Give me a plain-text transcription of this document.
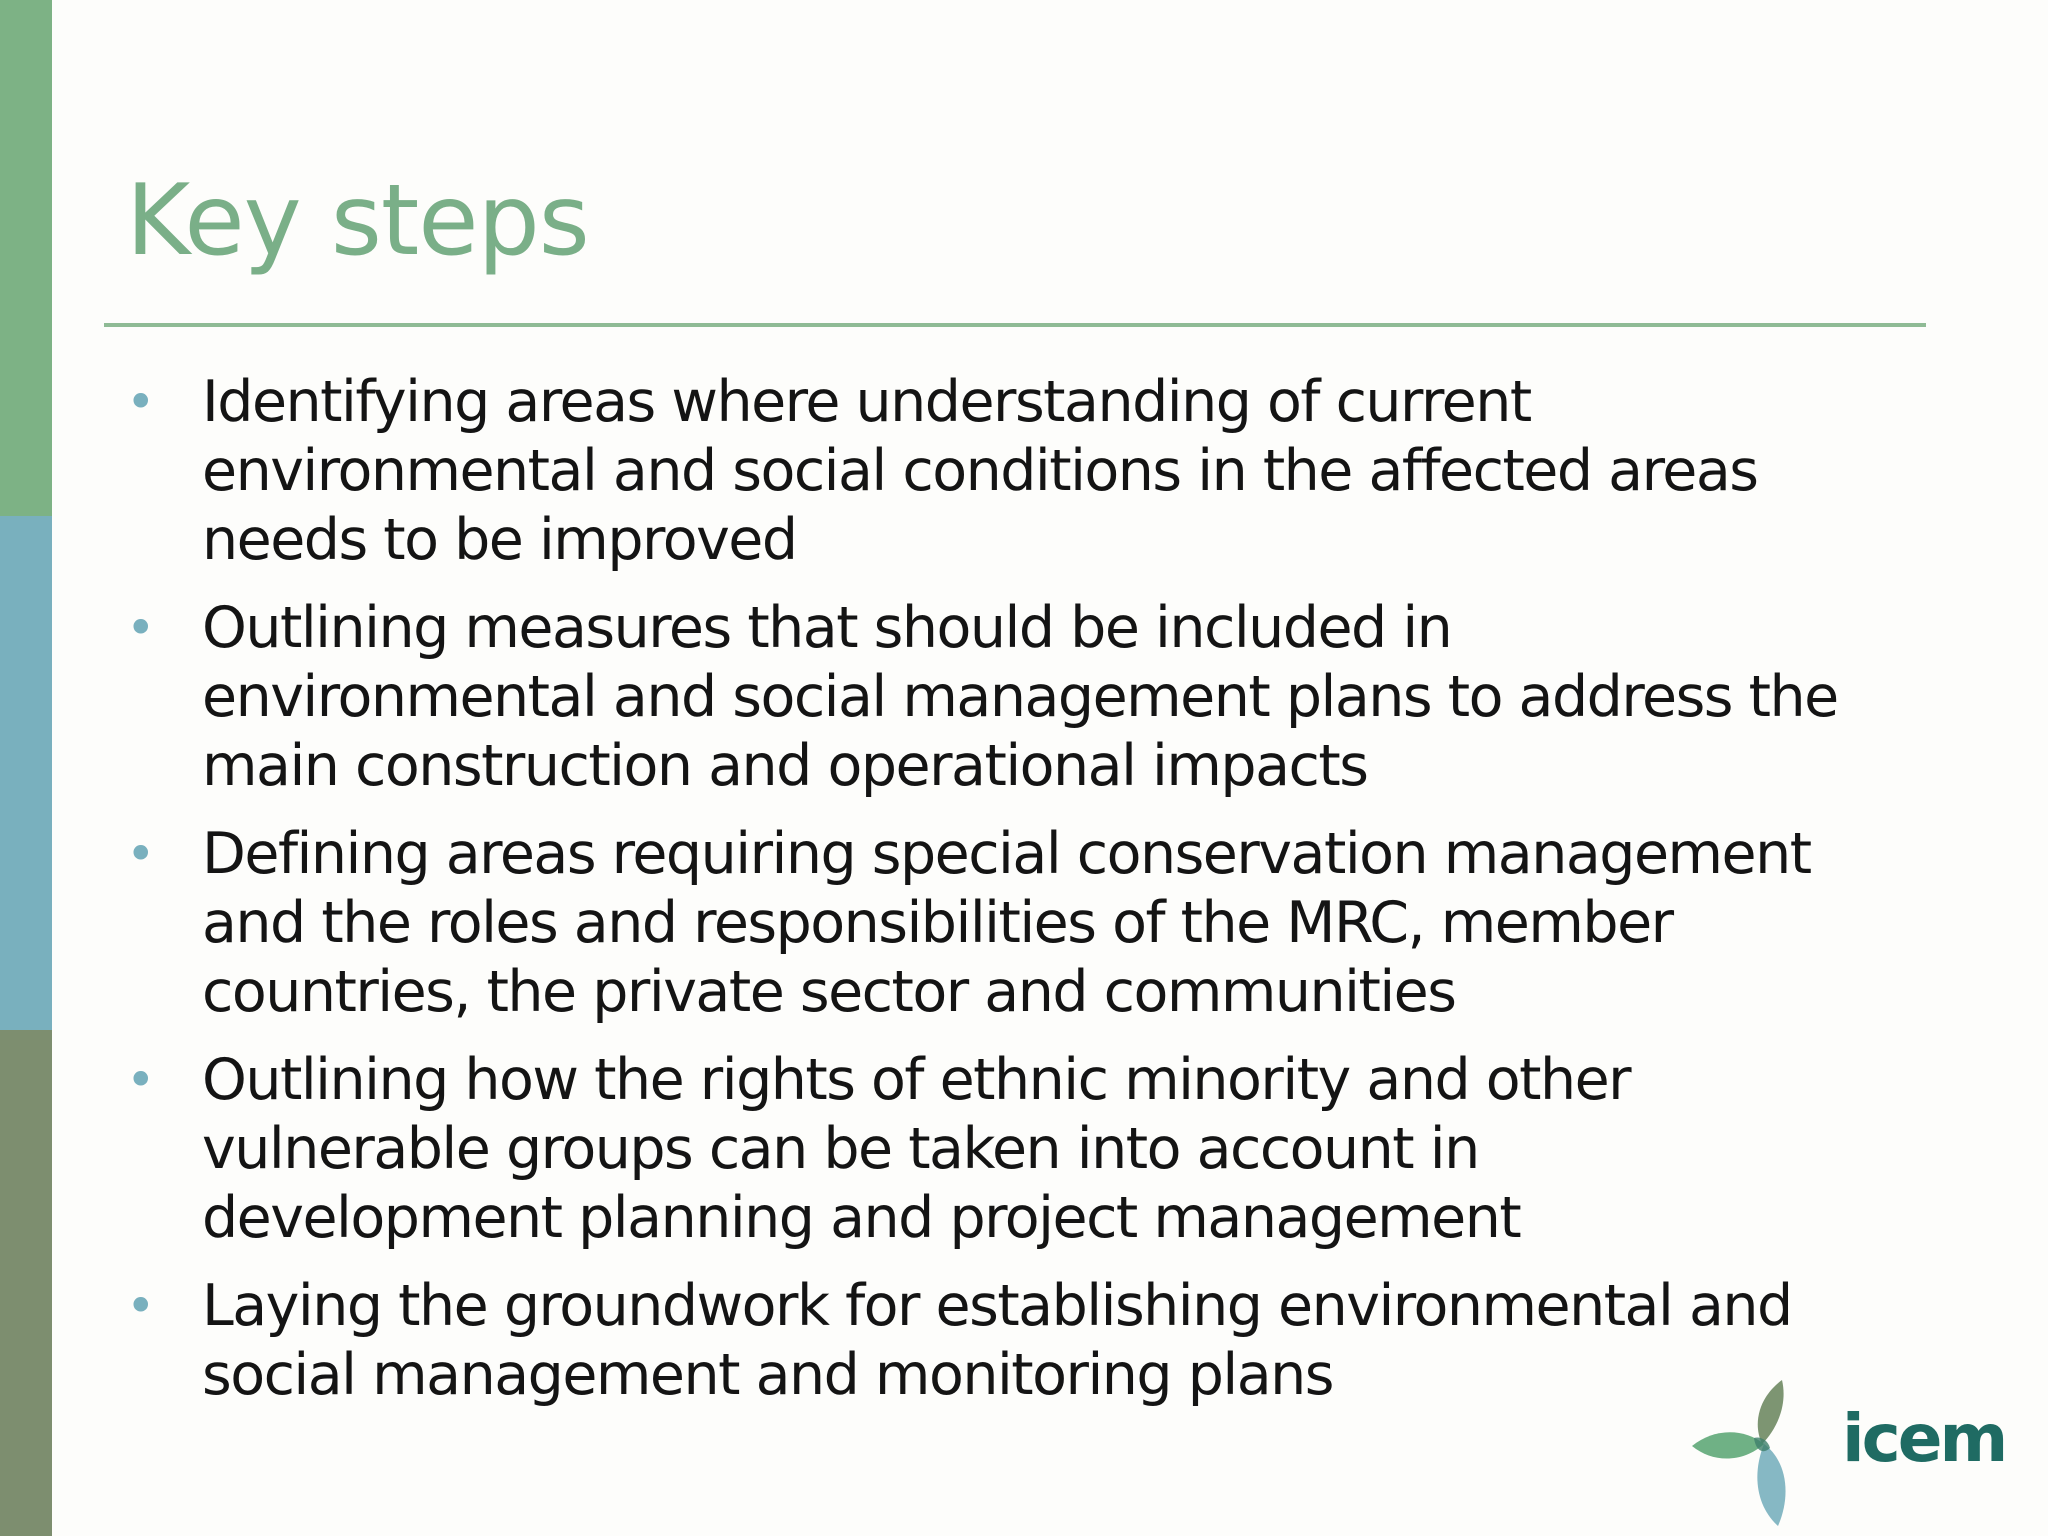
Key steps
• Identifying areas where understanding of current
environmental and social conditions in the affected areas
needs to be improved
• Outlining measures that should be included in
environmental and social management plans to address the
main construction and operational impacts
• Defining areas requiring special conservation management
and the roles and responsibilities of the MRC, member
countries, the private sector and communities
• Outlining how the rights of ethnic minority and other
vulnerable groups can be taken into account in
development planning and project management
• Laying the groundwork for establishing environmental and
social management and monitoring plans
icem
